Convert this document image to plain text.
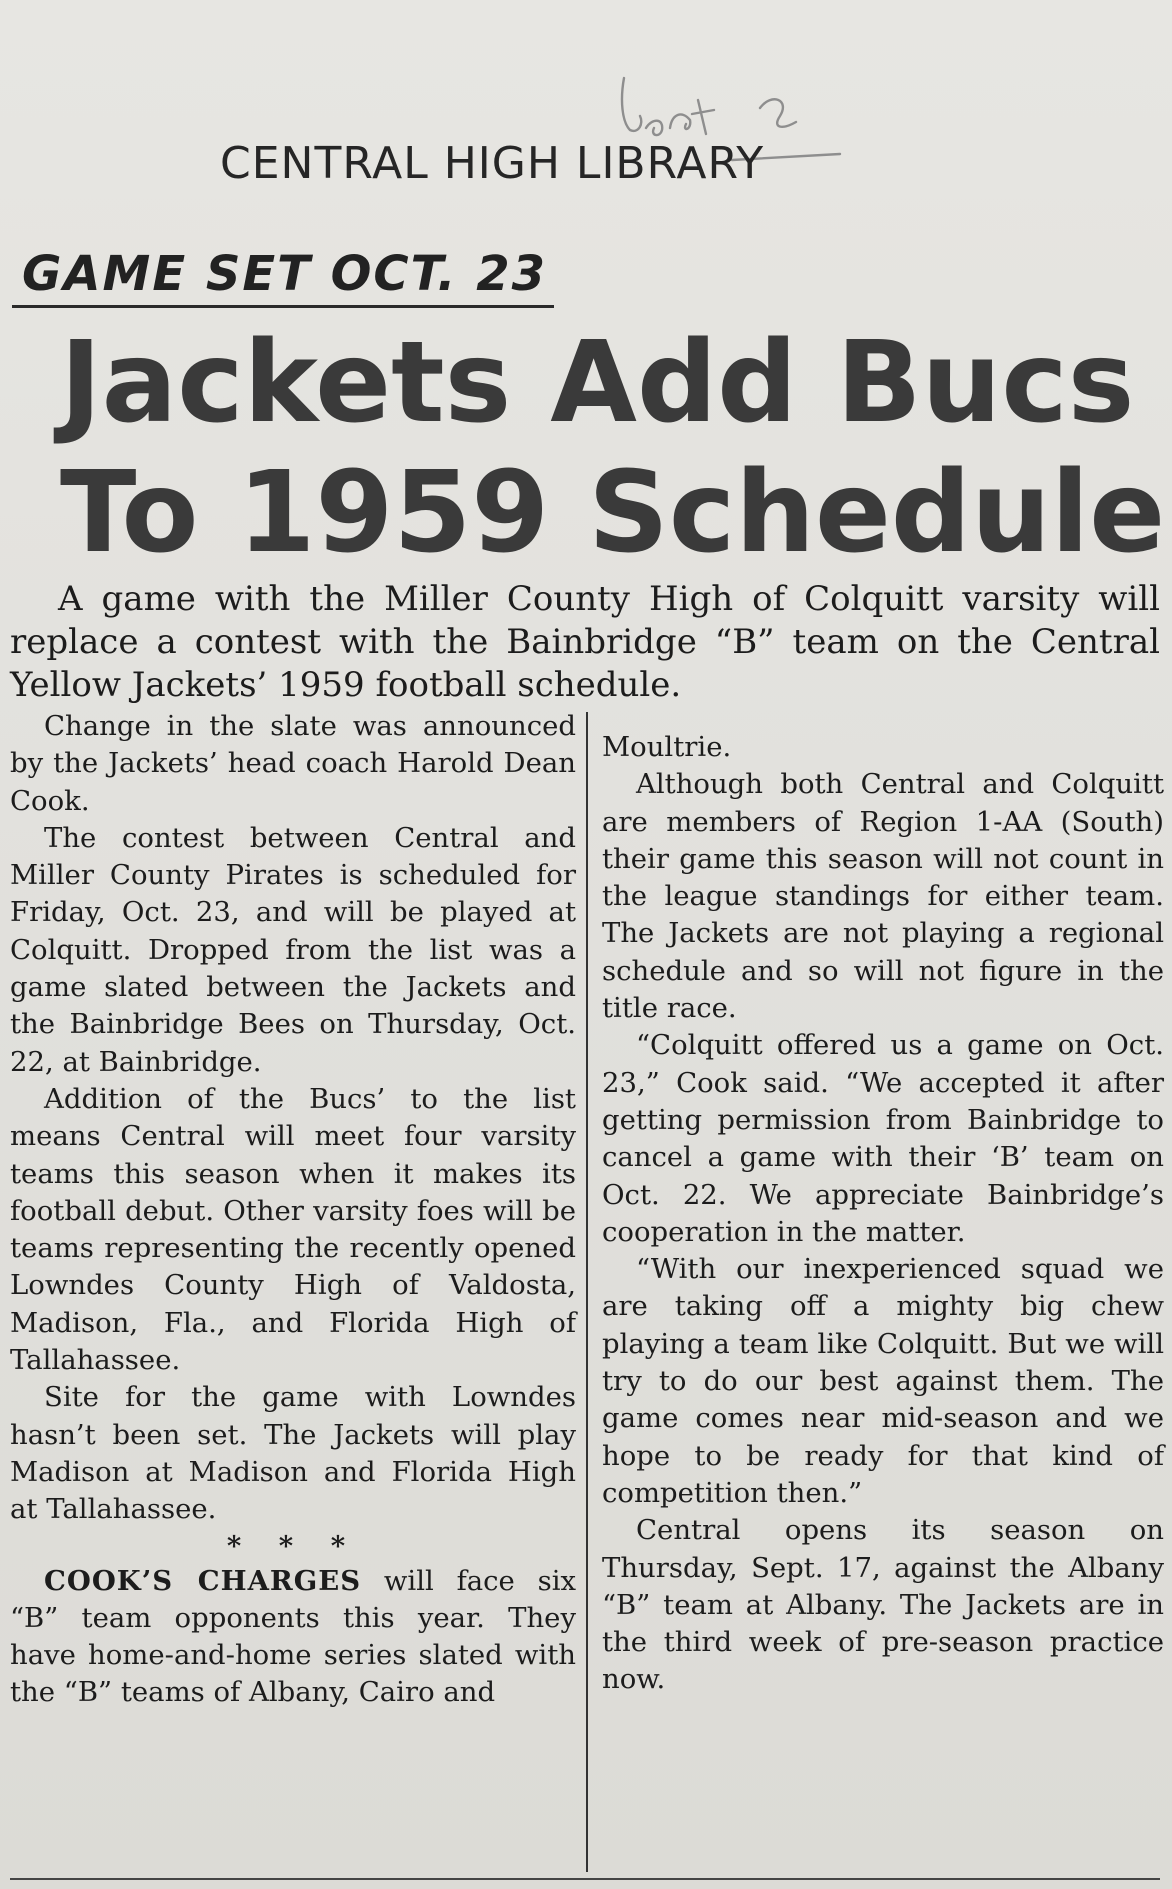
CENTRAL HIGH LIBRARY
GAME SET OCT. 23
Jackets Add Bucs
To 1959 Schedule
A game with the Miller County High of Colquitt varsity will replace a contest with the Bainbridge “B” team on the Central Yellow Jackets’ 1959 football schedule.

Change in the slate was announced by the Jackets’ head coach Harold Dean Cook.

The contest between Central and Miller County Pirates is scheduled for Friday, Oct. 23, and will be played at Colquitt. Dropped from the list was a game slated between the Jackets and the Bainbridge Bees on Thursday, Oct. 22, at Bainbridge.

Addition of the Bucs’ to the list means Central will meet four varsity teams this season when it makes its football debut. Other varsity foes will be teams representing the recently opened Lowndes County High of Valdosta, Madison, Fla., and Florida High of Tallahassee.

Site for the game with Lowndes hasn’t been set. The Jackets will play Madison at Madison and Florida High at Tallahassee.

* * *

COOK’S CHARGES will face six “B” team opponents this year. They have home-and-home series slated with the “B” teams of Albany, Cairo and

Moultrie.

Although both Central and Colquitt are members of Region 1-AA (South) their game this season will not count in the league standings for either team. The Jackets are not playing a regional schedule and so will not figure in the title race.

“Colquitt offered us a game on Oct. 23,” Cook said. “We accepted it after getting permission from Bainbridge to cancel a game with their ‘B’ team on Oct. 22. We appreciate Bainbridge’s cooperation in the matter.

“With our inexperienced squad we are taking off a mighty big chew playing a team like Colquitt. But we will try to do our best against them. The game comes near mid-season and we hope to be ready for that kind of competition then.”

Central opens its season on Thursday, Sept. 17, against the Albany “B” team at Albany. The Jackets are in the third week of pre-season practice now.
